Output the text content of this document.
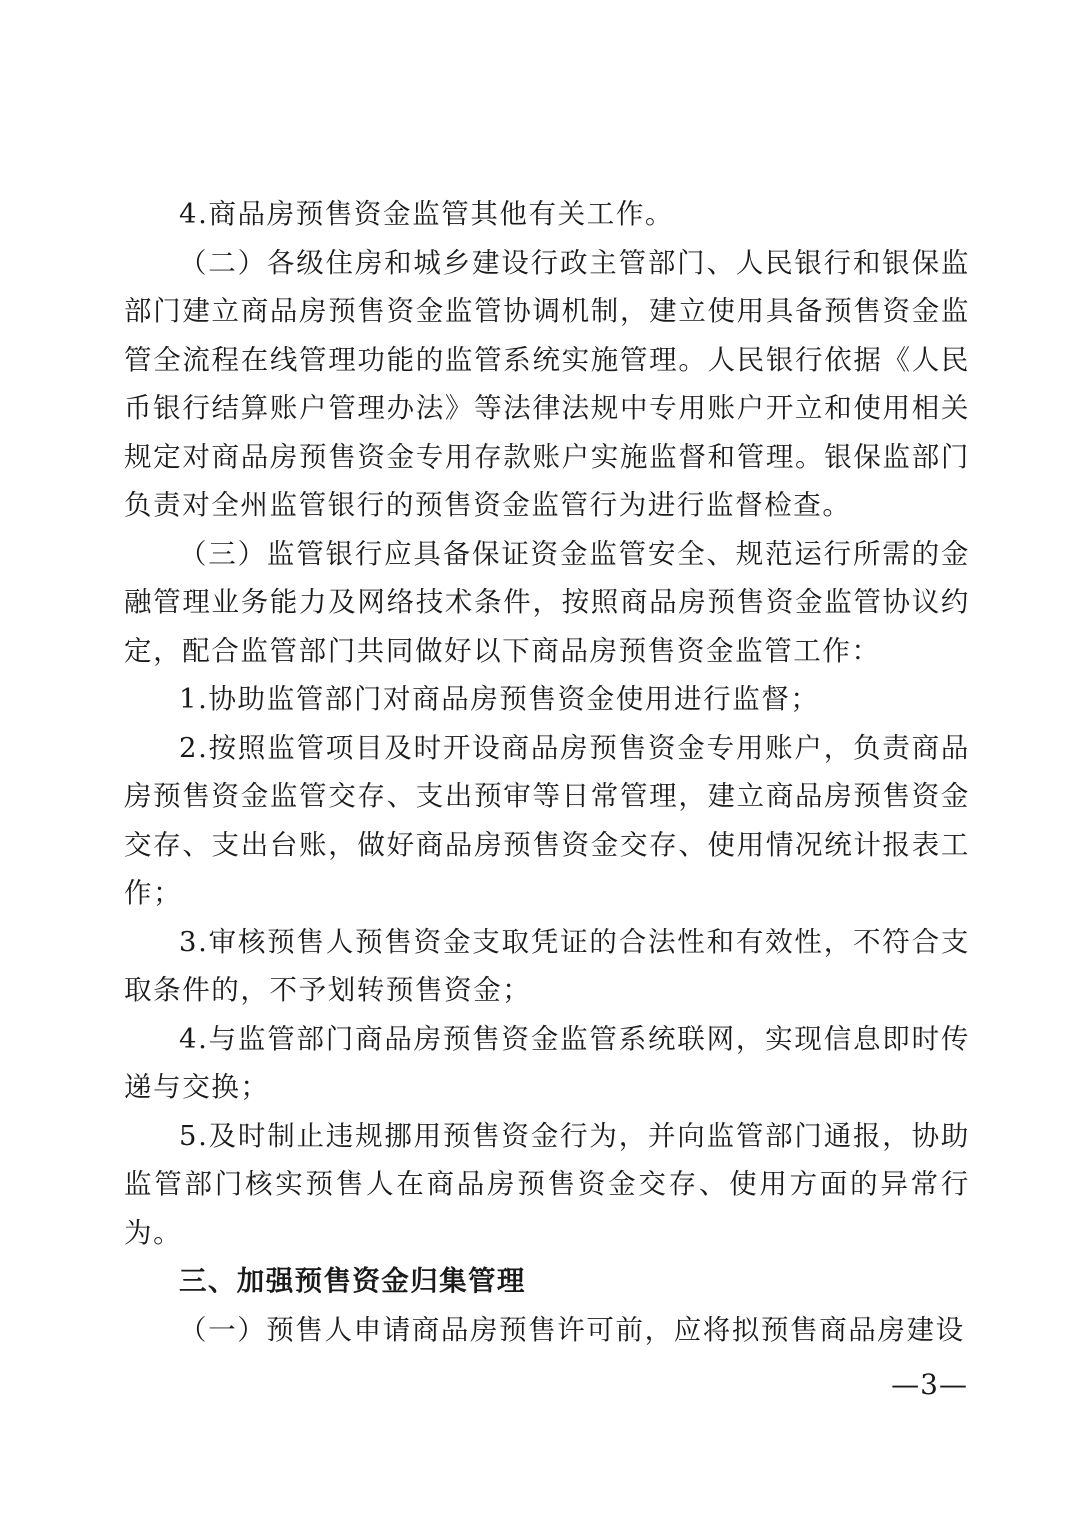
4.商品房预售资金监管其他有关工作。

（二）各级住房和城乡建设行政主管部门、人民银行和银保监部门建立商品房预售资金监管协调机制，建立使用具备预售资金监管全流程在线管理功能的监管系统实施管理。人民银行依据《人民币银行结算账户管理办法》等法律法规中专用账户开立和使用相关规定对商品房预售资金专用存款账户实施监督和管理。银保监部门负责对全州监管银行的预售资金监管行为进行监督检查。

（三）监管银行应具备保证资金监管安全、规范运行所需的金融管理业务能力及网络技术条件，按照商品房预售资金监管协议约定，配合监管部门共同做好以下商品房预售资金监管工作：

1.协助监管部门对商品房预售资金使用进行监督；

2.按照监管项目及时开设商品房预售资金专用账户，负责商品房预售资金监管交存、支出预审等日常管理，建立商品房预售资金交存、支出台账，做好商品房预售资金交存、使用情况统计报表工作；

3.审核预售人预售资金支取凭证的合法性和有效性，不符合支取条件的，不予划转预售资金；

4.与监管部门商品房预售资金监管系统联网，实现信息即时传递与交换；

5.及时制止违规挪用预售资金行为，并向监管部门通报，协助监管部门核实预售人在商品房预售资金交存、使用方面的异常行为。

三、加强预售资金归集管理

（一）预售人申请商品房预售许可前，应将拟预售商品房建设

—3—
